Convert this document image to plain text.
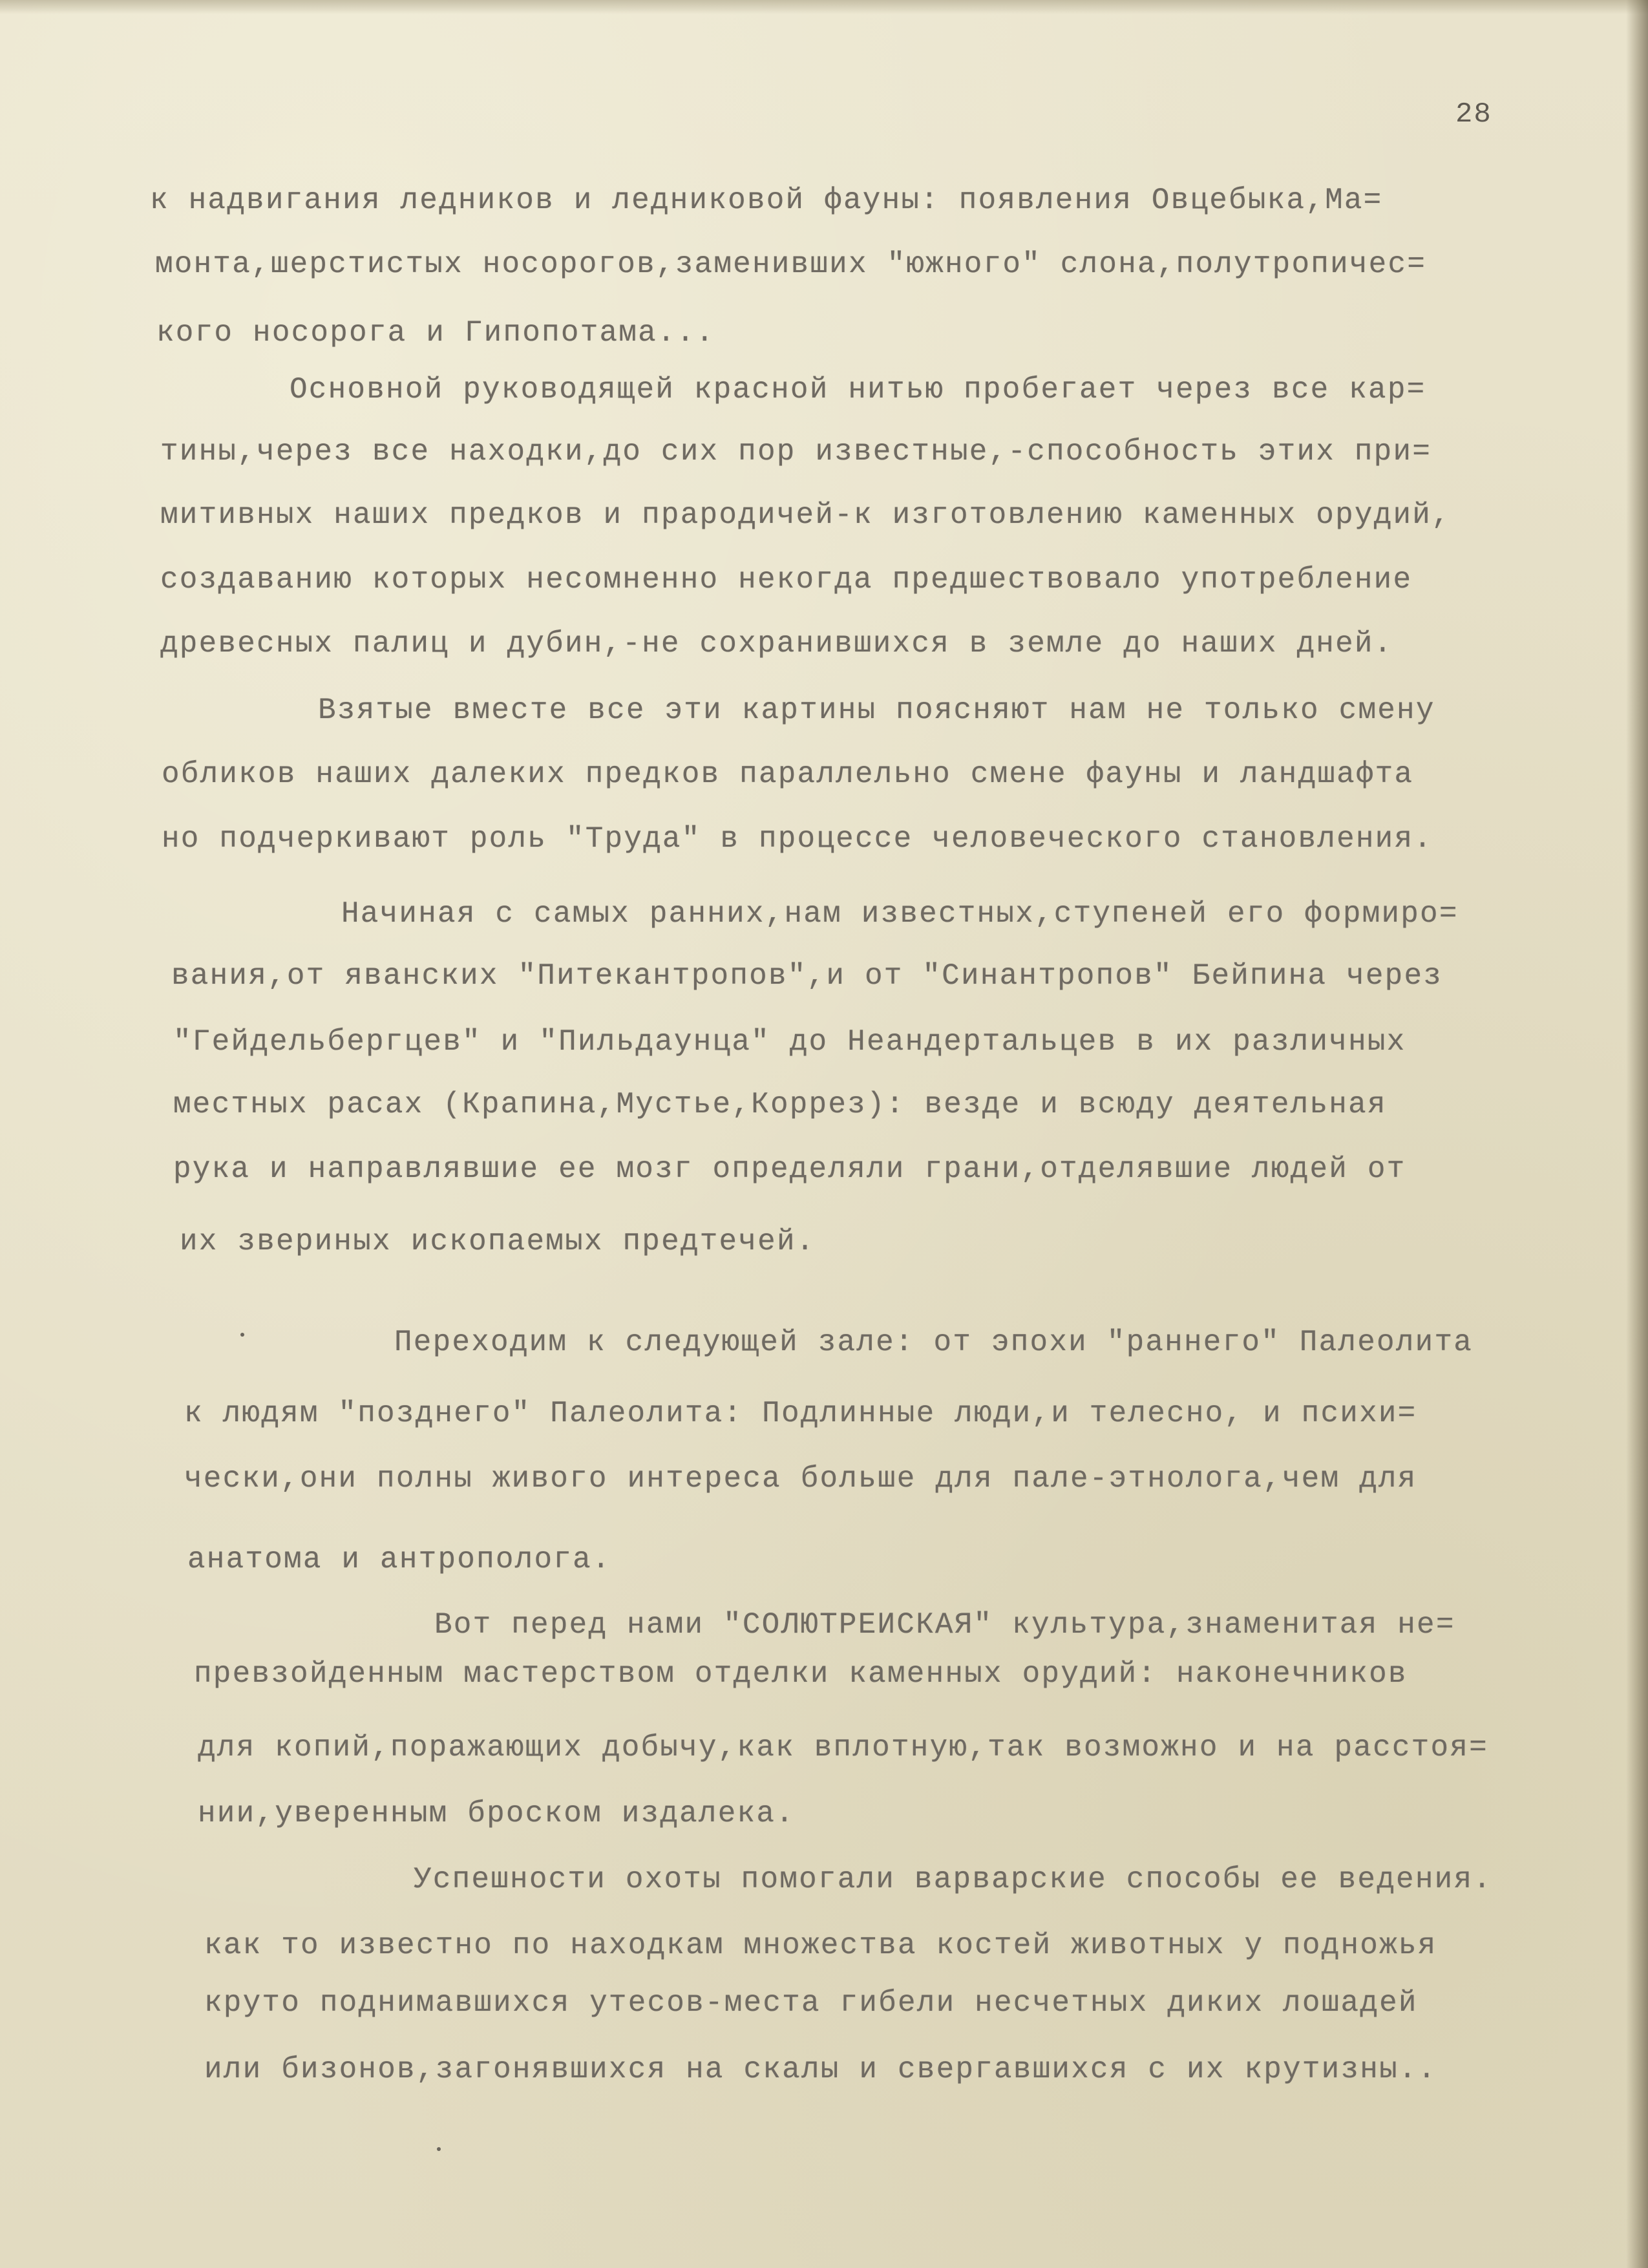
28
к надвигания ледников и ледниковой фауны: появления Овцебыка,Ма=
монта,шерстистых носорогов,заменивших "южного" слона,полутропичес=
кого носорога и Гипопотама...
Основной руководящей красной нитью пробегает через все кар=
тины,через все находки,до сих пор известные,-способность этих при=
митивных наших предков и прародичей-к изготовлению каменных орудий,
создаванию которых несомненно некогда предшествовало употребление
древесных палиц и дубин,-не сохранившихся в земле до наших дней.
Взятые вместе все эти картины поясняют нам не только смену
обликов наших далеких предков параллельно смене фауны и ландшафта
но подчеркивают роль "Труда" в процессе человеческого становления.
Начиная с самых ранних,нам известных,ступеней его формиро=
вания,от яванских "Питекантропов",и от "Синантропов" Бейпина через
"Гейдельбергцев" и "Пильдаунца" до Неандертальцев в их различных
местных расах (Крапина,Мустье,Коррез): везде и всюду деятельная
рука и направлявшие ее мозг определяли грани,отделявшие людей от
их звериных ископаемых предтечей.
Переходим к следующей зале: от эпохи "раннего" Палеолита
к людям "позднего" Палеолита: Подлинные люди,и телесно, и психи=
чески,они полны живого интереса больше для пале-этнолога,чем для
анатома и антрополога.
Вот перед нами "СОЛЮТРЕИСКАЯ" культура,знаменитая не=
превзойденным мастерством отделки каменных орудий: наконечников
для копий,поражающих добычу,как вплотную,так возможно и на расстоя=
нии,уверенным броском издалека.
Успешности охоты помогали варварские способы ее ведения.
как то известно по находкам множества костей животных у подножья
круто поднимавшихся утесов-места гибели несчетных диких лошадей
или бизонов,загонявшихся на скалы и свергавшихся с их крутизны..
